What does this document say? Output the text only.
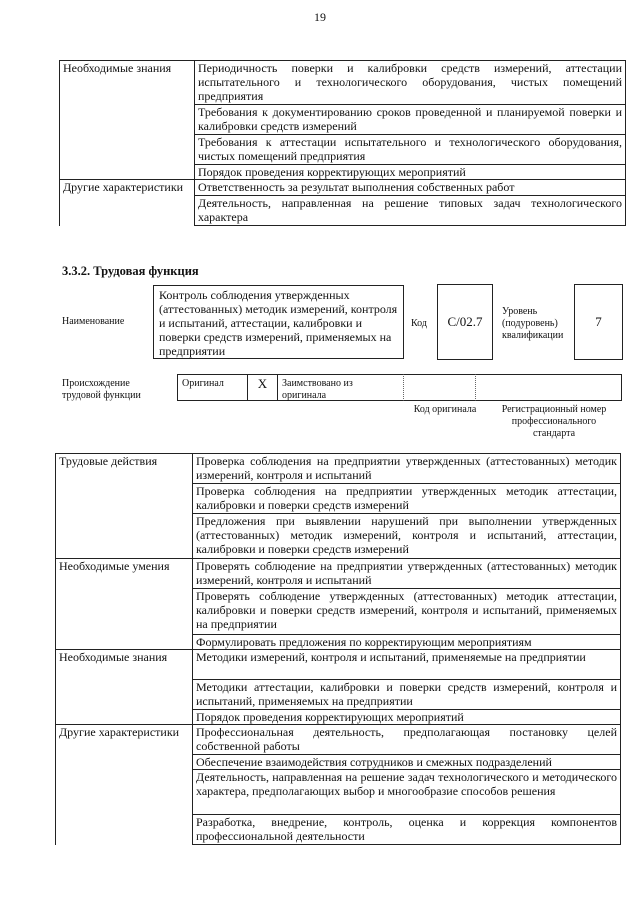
19
Необходимые знания	Периодичность поверки и калибровки средств измерений, аттестации испытательного и технологического оборудования, чистых помещений предприятия
	Требования к документированию сроков проведенной и планируемой поверки и калибровки средств измерений
	Требования к аттестации испытательного и технологического оборудования, чистых помещений предприятия
	Порядок проведения корректирующих мероприятий
Другие характеристики	Ответственность за результат выполнения собственных работ
	Деятельность, направленная на решение типовых задач технологического характера
3.3.2. Трудовая функция
Наименование
Контроль соблюдения утвержденных (аттестованных) методик измерений, контроля и испытаний, аттестации, калибровки и поверки средств измерений, применяемых на предприятии
Код	С/02.7
Уровень (подуровень) квалификации
7
Происхождение трудовой функции
Оригинал	X	Заимствовано из оригинала
Код оригинала	Регистрационный номер профессионального стандарта
Трудовые действия	Проверка соблюдения на предприятии утвержденных (аттестованных) методик измерений, контроля и испытаний
	Проверка соблюдения на предприятии утвержденных методик аттестации, калибровки и поверки средств измерений
	Предложения при выявлении нарушений при выполнении утвержденных (аттестованных) методик измерений, контроля и испытаний, аттестации, калибровки и поверки средств измерений
Необходимые умения	Проверять соблюдение на предприятии утвержденных (аттестованных) методик измерений, контроля и испытаний
	Проверять соблюдение утвержденных (аттестованных) методик аттестации, калибровки и поверки средств измерений, контроля и испытаний, применяемых на предприятии
	Формулировать предложения по корректирующим мероприятиям
Необходимые знания	Методики измерений, контроля и испытаний, применяемые на предприятии
	Методики аттестации, калибровки и поверки средств измерений, контроля и испытаний, применяемых на предприятии
	Порядок проведения корректирующих мероприятий
Другие характеристики	Профессиональная деятельность, предполагающая постановку целей собственной работы
	Обеспечение взаимодействия сотрудников и смежных подразделений
	Деятельность, направленная на решение задач технологического и методического характера, предполагающих выбор и многообразие способов решения
	Разработка, внедрение, контроль, оценка и коррекция компонентов профессиональной деятельности
